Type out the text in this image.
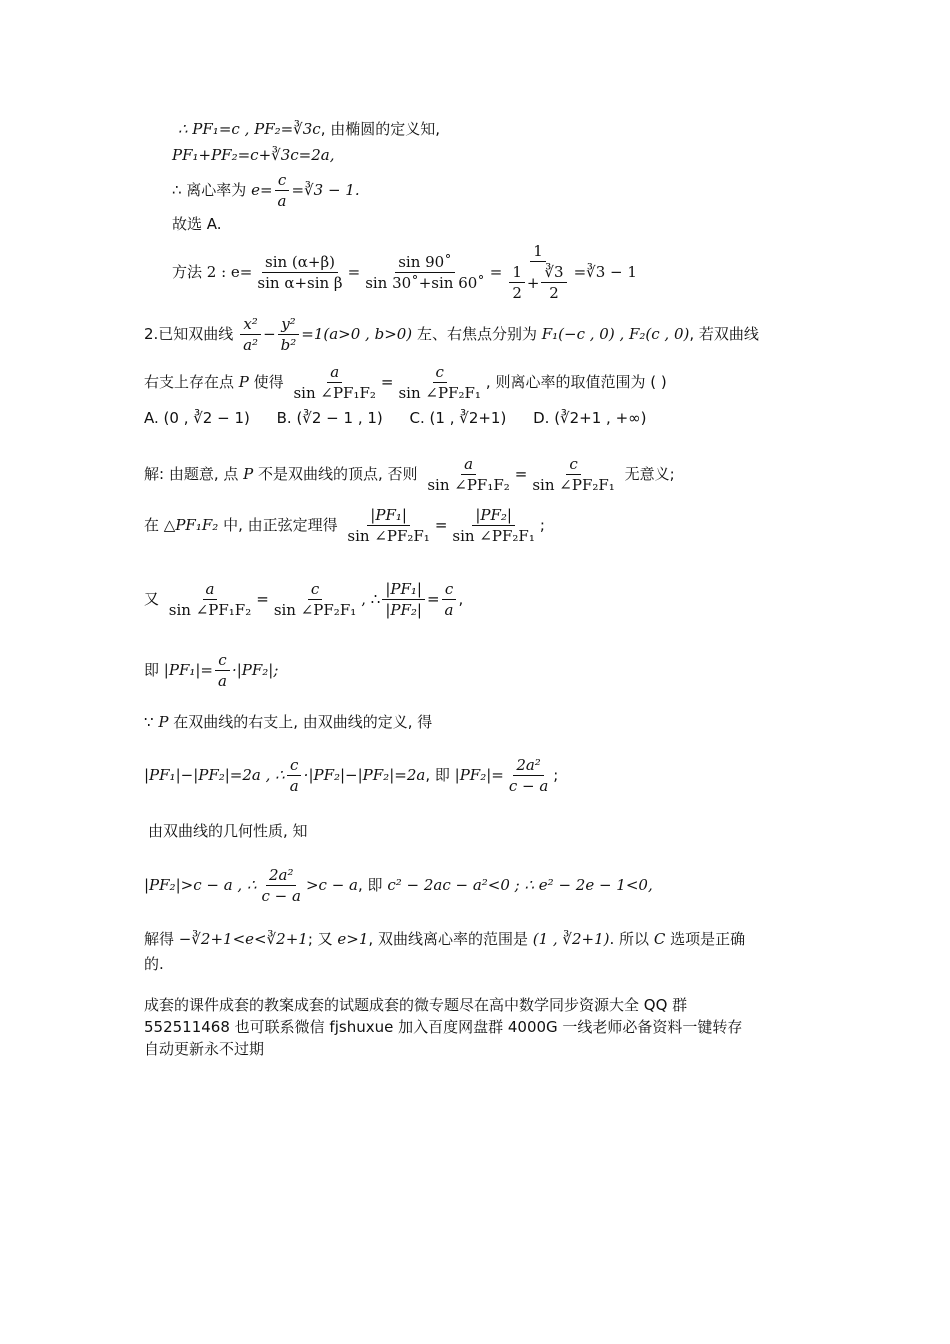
∴ PF₁=c , PF₂=∛3c, 由椭圆的定义知,
PF₁+PF₂=c+∛3c=2a,
∴ 离心率为
$e= \frac{c}{a}$ =∛3 − 1.
故选 A.
方法
2 : $e= \frac{\sin (\alpha+\beta)}{\text{sin α+sin β}} = \frac{\sin 90˚}{\sin 30˚+\sin 60˚} = \frac{1}{\frac{1}{2} + \frac{∛3}{2}}$ =∛3 − 1
2.已知双曲线
$\frac{\text{x²}}{\text{a²}} - \frac{\text{y²}}{\text{b²}} =1(a>0$ , b>0)
左、右焦点分别为
F₁(−c , 0) , F₂(c , 0) , 若双曲线
右支上存在点
P
使得
$\frac{a}{\text{sin ∠PF₁F₂}} = \frac{c}{\text{sin ∠PF₂F₁}}$ , 则离心率的取值范围为 ( )
A. (0 , ∛2 − 1) B. (∛2 − 1 , 1) C. (1 , ∛2+1) D. (∛2+1 , +∞)
解: 由题意, 点
P
不是双曲线的顶点, 否则
$\frac{a}{\text{sin ∠PF₁F₂}} = \frac{c}{\text{sin ∠PF₂F₁}}$
无意义;
在
△PF₁F₂
中, 由正弦定理得
$\frac{\text{|PF₁|}}{\text{sin ∠PF₂F₁}} = \frac{\text{|PF₂|}}{\text{sin ∠PF₂F₁}}$ ;
又
$\frac{a}{\text{sin ∠PF₁F₂}} = \frac{c}{\text{sin ∠PF₂F₁}}$ , ∴ $\frac{\text{|PF₁|}}{\text{|PF₂|}} = \frac{c}{a}$ ,
即
$|PF_1|= \frac{c}{a} \cdot|PF_2|$;
∵ P 在双曲线的右支上, 由双曲线的定义, 得
|PF₁|−|PF₂|=2a , ∴ $\frac{c}{a} \cdot|PF_2|-|PF_2|=2a$ , 即
$|PF_2|= \frac{\text{2a²}}{c - a}$ ;
由双曲线的几何性质, 知
|PF₂|>c − a , ∴ $\frac{\text{2a²}}{c - a} >c - a$ , 即
c² − 2ac − a²<0 ; ∴ e² − 2e − 1<0,
解得 −∛2+1<e<∛2+1; 又 e>1, 双曲线离心率的范围是 (1 , ∛2+1). 所以 C 选项是正确
的.
成套的课件成套的教案成套的试题成套的微专题尽在高中数学同步资源大全 QQ 群
552511468 也可联系微信 fjshuxue 加入百度网盘群 4000G 一线老师必备资料一键转存
自动更新永不过期
